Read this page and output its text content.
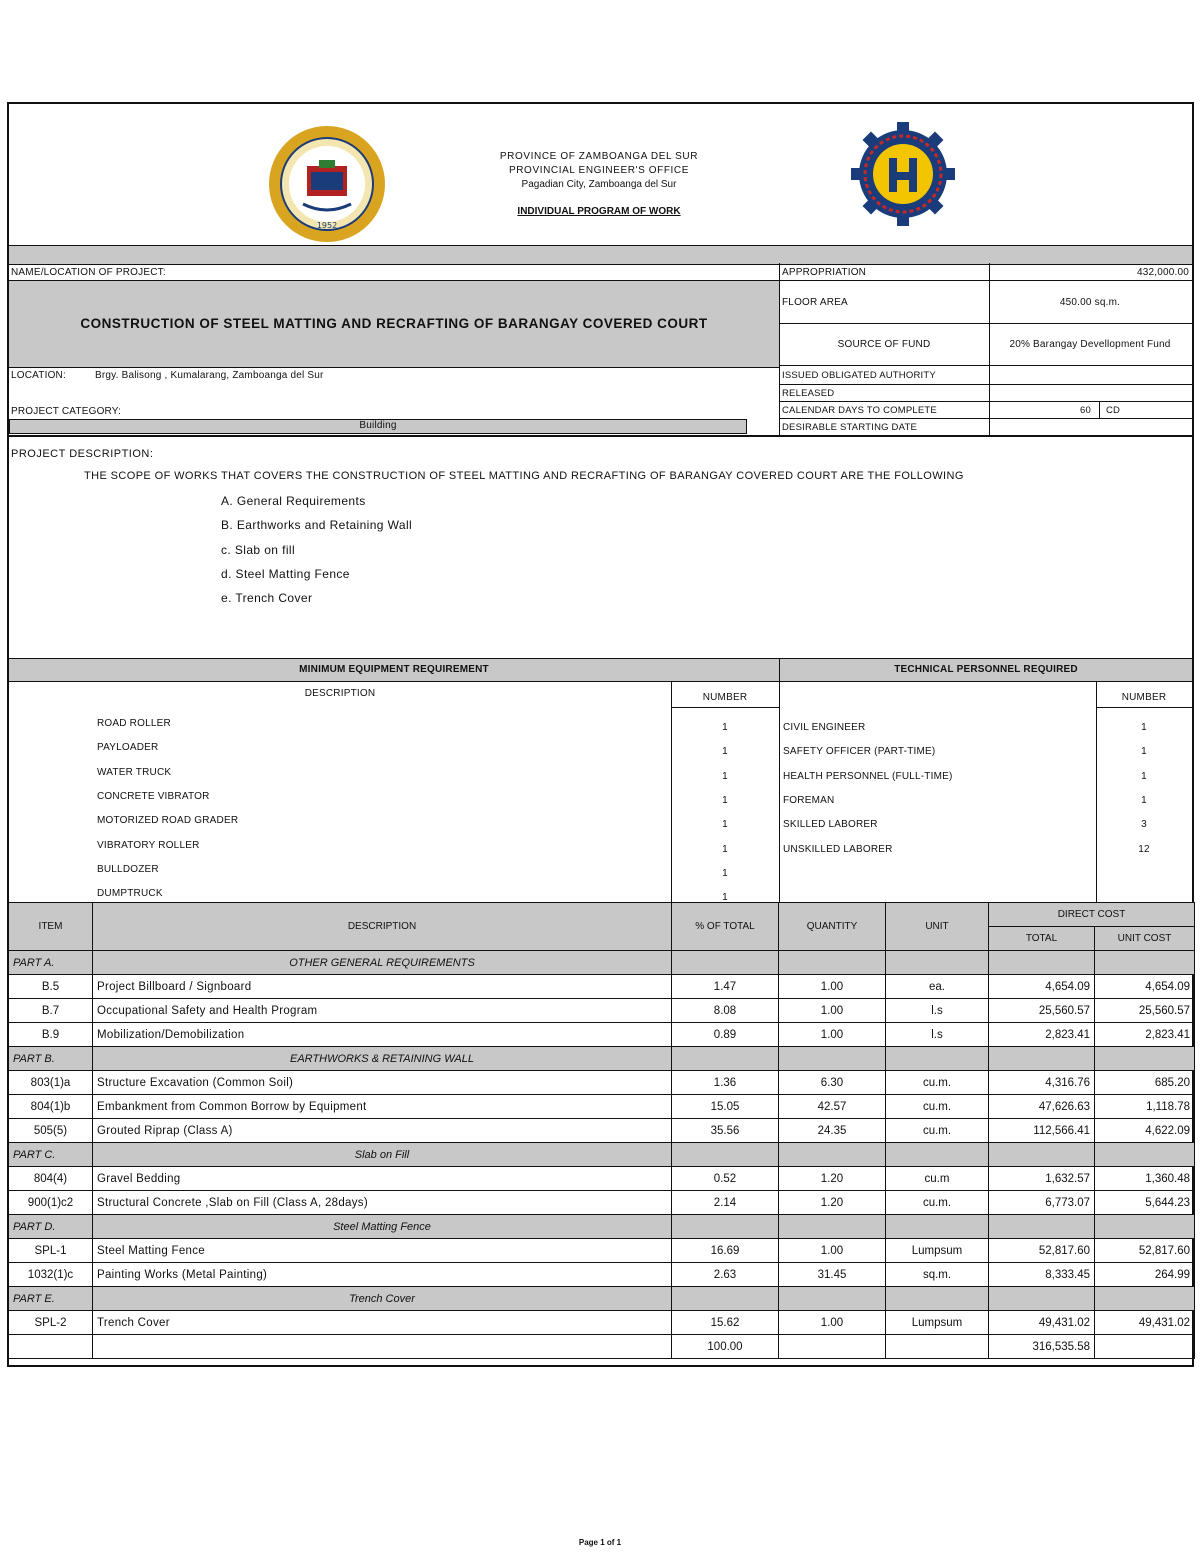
1952

PROVINCE OF ZAMBOANGA DEL SUR
PROVINCIAL ENGINEER'S OFFICE
Pagadian City, Zamboanga del Sur
INDIVIDUAL PROGRAM OF WORK
NAME/LOCATION OF PROJECT:
CONSTRUCTION OF STEEL MATTING AND RECRAFTING OF BARANGAY COVERED COURT
LOCATION:	Brgy. Balisong , Kumalarang, Zamboanga del Sur
PROJECT CATEGORY:
Building
APPROPRIATION	432,000.00
FLOOR AREA	450.00 sq.m.
SOURCE OF FUND	20% Barangay Devellopment Fund
ISSUED OBLIGATED AUTHORITY
RELEASED
CALENDAR DAYS TO COMPLETE	60 CD
DESIRABLE STARTING DATE
PROJECT DESCRIPTION:
THE SCOPE OF WORKS THAT COVERS THE CONSTRUCTION OF STEEL MATTING AND RECRAFTING OF BARANGAY COVERED COURT ARE THE FOLLOWING
A. General Requirements
B. Earthworks and Retaining Wall
c. Slab on fill
d. Steel Matting Fence
e. Trench Cover
MINIMUM EQUIPMENT REQUIREMENT	TECHNICAL PERSONNEL REQUIRED
DESCRIPTION	NUMBER	NUMBER
ROAD ROLLER	1
PAYLOADER	1
WATER TRUCK	1
CONCRETE VIBRATOR	1
MOTORIZED ROAD GRADER	1
VIBRATORY ROLLER	1
BULLDOZER	1
DUMPTRUCK	1
CIVIL ENGINEER	1
SAFETY OFFICER (PART-TIME)	1
HEALTH PERSONNEL (FULL-TIME)	1
FOREMAN	1
SKILLED LABORER	3
UNSKILLED LABORER	12
ITEM	DESCRIPTION	% OF TOTAL	QUANTITY	UNIT	DIRECT COST	
					TOTAL	UNIT COST
PART A.	OTHER GENERAL REQUIREMENTS					
B.5	Project Billboard / Signboard	1.47	1.00	ea.	4,654.09	4,654.09
B.7	Occupational Safety and Health Program	8.08	1.00	l.s	25,560.57	25,560.57
B.9	Mobilization/Demobilization	0.89	1.00	l.s	2,823.41	2,823.41
PART B.	EARTHWORKS & RETAINING WALL					
803(1)a	Structure Excavation (Common Soil)	1.36	6.30	cu.m.	4,316.76	685.20
804(1)b	Embankment from Common Borrow by Equipment	15.05	42.57	cu.m.	47,626.63	1,118.78
505(5)	Grouted Riprap (Class A)	35.56	24.35	cu.m.	112,566.41	4,622.09
PART C.	Slab on Fill					
804(4)	Gravel Bedding	0.52	1.20	cu.m	1,632.57	1,360.48
900(1)c2	Structural Concrete ,Slab on Fill (Class A, 28days)	2.14	1.20	cu.m.	6,773.07	5,644.23
PART D.	Steel Matting Fence					
SPL-1	Steel Matting Fence	16.69	1.00	Lumpsum	52,817.60	52,817.60
1032(1)c	Painting Works (Metal Painting)	2.63	31.45	sq.m.	8,333.45	264.99
PART E.	Trench Cover					
SPL-2	Trench Cover	15.62	1.00	Lumpsum	49,431.02	49,431.02
		100.00			316,535.58	
Page 1 of 1
